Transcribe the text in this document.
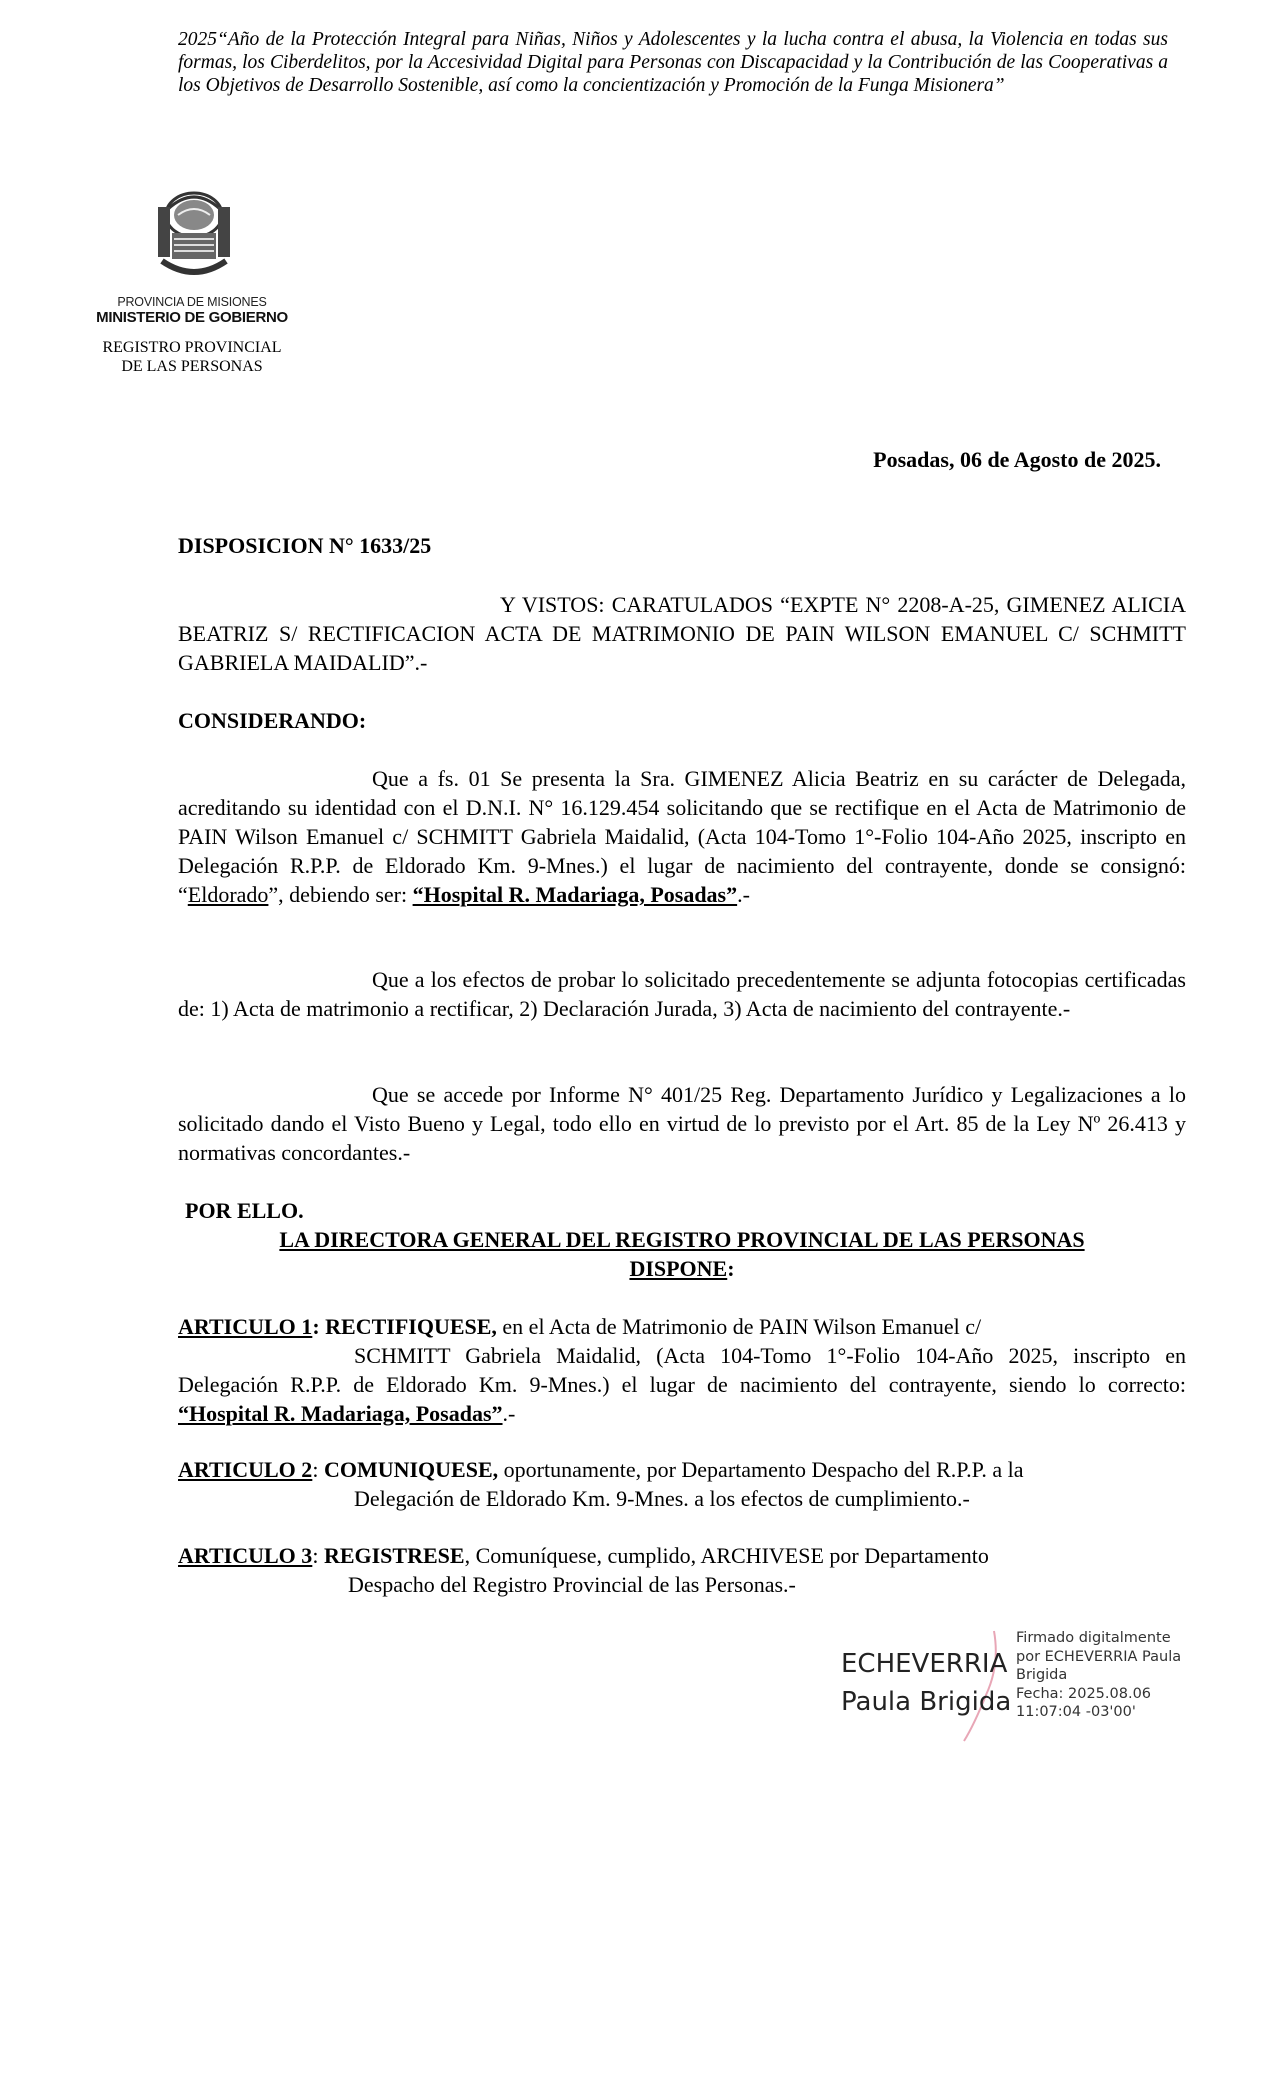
2025“Año de la Protección Integral para Niñas, Niños y Adolescentes y la lucha contra el abusa, la Violencia en todas sus formas, los Ciberdelitos, por la Accesividad Digital para Personas con Discapacidad y la Contribución de las Cooperativas a los Objetivos de Desarrollo Sostenible, así como la concientización y Promoción de la Funga Misionera”
PROVINCIA DE MISIONES
MINISTERIO DE GOBIERNO
REGISTRO PROVINCIAL
DE LAS PERSONAS
Posadas, 06 de Agosto de 2025.
DISPOSICION N° 1633/25
Y VISTOS: CARATULADOS “EXPTE N° 2208-A-25, GIMENEZ ALICIA BEATRIZ S/ RECTIFICACION ACTA DE MATRIMONIO DE PAIN WILSON EMANUEL C/ SCHMITT GABRIELA MAIDALID”.-
CONSIDERANDO:
Que a fs. 01 Se presenta la Sra. GIMENEZ Alicia Beatriz en su carácter de Delegada, acreditando su identidad con el D.N.I. N° 16.129.454 solicitando que se rectifique en el Acta de Matrimonio de PAIN Wilson Emanuel c/ SCHMITT Gabriela Maidalid, (Acta 104-Tomo 1°-Folio 104-Año 2025, inscripto en Delegación R.P.P. de Eldorado Km. 9-Mnes.) el lugar de nacimiento del contrayente, donde se consignó: “Eldorado”, debiendo ser: “Hospital R. Madariaga, Posadas”.-
Que a los efectos de probar lo solicitado precedentemente se adjunta fotocopias certificadas de: 1) Acta de matrimonio a rectificar, 2) Declaración Jurada, 3) Acta de nacimiento del contrayente.-
Que se accede por Informe N° 401/25 Reg. Departamento Jurídico y Legalizaciones a lo solicitado dando el Visto Bueno y Legal, todo ello en virtud de lo previsto por el Art. 85 de la Ley Nº 26.413 y normativas concordantes.-
POR ELLO.
LA DIRECTORA GENERAL DEL REGISTRO PROVINCIAL DE LAS PERSONAS
DISPONE:
ARTICULO 1: RECTIFIQUESE, en el Acta de Matrimonio de PAIN Wilson Emanuel c/
SCHMITT Gabriela Maidalid, (Acta 104-Tomo 1°-Folio 104-Año 2025, inscripto en Delegación R.P.P. de Eldorado Km. 9-Mnes.) el lugar de nacimiento del contrayente, siendo lo correcto: “Hospital R. Madariaga, Posadas”.-
ARTICULO 2: COMUNIQUESE, oportunamente, por Departamento Despacho del R.P.P. a la
Delegación de Eldorado Km. 9-Mnes. a los efectos de cumplimiento.-
ARTICULO 3: REGISTRESE, Comuníquese, cumplido, ARCHIVESE por Departamento
Despacho del Registro Provincial de las Personas.-
ECHEVERRIA
Paula Brigida
Firmado digitalmente
por ECHEVERRIA Paula
Brigida
Fecha: 2025.08.06
11:07:04 -03'00'
